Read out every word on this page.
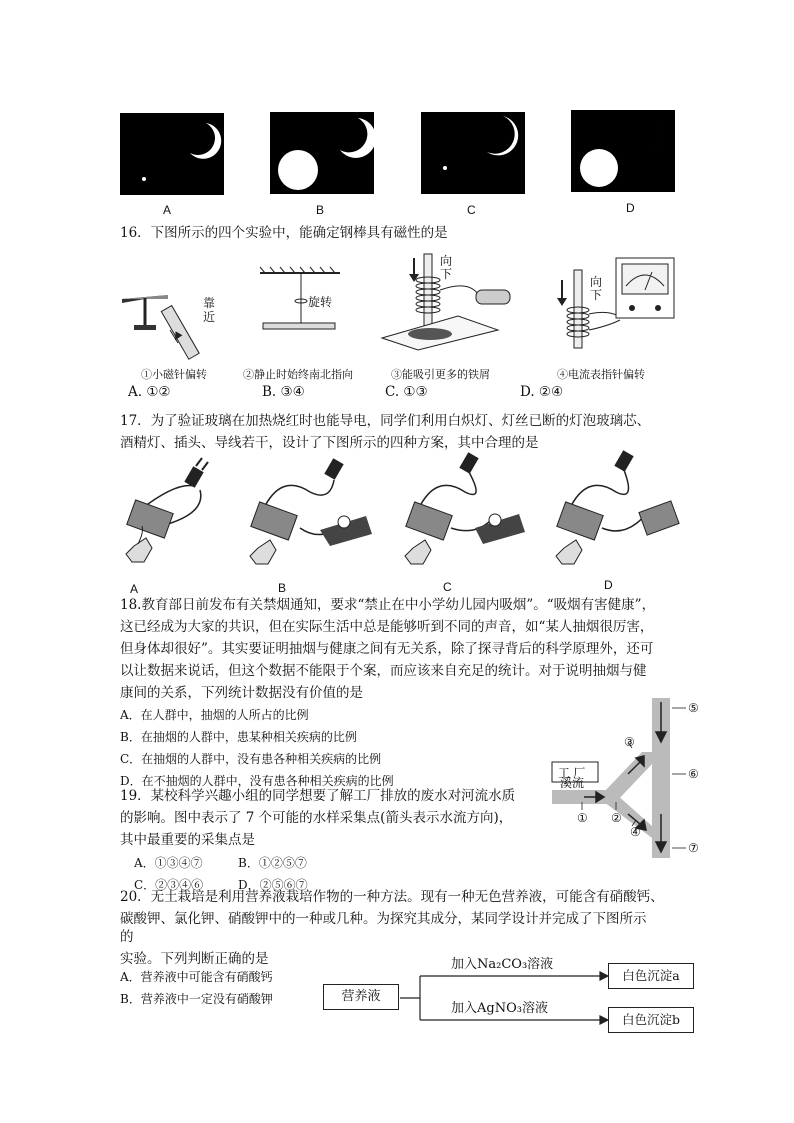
A	B	C	D
16．下图所示的四个实验中，能确定钢棒具有磁性的是
靠近
旋转
向下
向下
①小磁针偏转	②静止时始终南北指向	③能吸引更多的铁屑	④电流表指针偏转
A. ①②	B. ③④	C. ①③	D. ②④
17．为了验证玻璃在加热烧红时也能导电，同学们利用白炽灯、灯丝已断的灯泡玻璃芯、
酒精灯、插头、导线若干，设计了下图所示的四种方案，其中合理的是
A	B	C	D
18.教育部日前发布有关禁烟通知，要求“禁止在中小学幼儿园内吸烟”。“吸烟有害健康”，
这已经成为大家的共识，但在实际生活中总是能够听到不同的声音，如“某人抽烟很厉害，
但身体却很好”。其实要证明抽烟与健康之间有无关系，除了探寻背后的科学原理外，还可
以让数据来说话，但这个数据不能限于个案，而应该来自充足的统计。对于说明抽烟与健
康间的关系，下列统计数据没有价值的是
A．在人群中，抽烟的人所占的比例
B．在抽烟的人群中，患某种相关疾病的比例
C．在抽烟的人群中，没有患各种相关疾病的比例
D．在不抽烟的人群中，没有患各种相关疾病的比例
19．某校科学兴趣小组的同学想要了解工厂排放的废水对河流水质
的影响。图中表示了 7 个可能的水样采集点(箭头表示水流方向)，
其中最重要的采集点是
A．①③④⑦	B．①②⑤⑦
C．②③④⑥	D．②⑤⑥⑦
工 厂
溪流
① ②
③
④
⑤
⑥
⑦
20．无土栽培是利用营养液栽培作物的一种方法。现有一种无色营养液，可能含有硝酸钙、
碳酸钾、氯化钾、硝酸钾中的一种或几种。为探究其成分，某同学设计并完成了下图所示
的
实验。下列判断正确的是
A．营养液中可能含有硝酸钙
B．营养液中一定没有硝酸钾	营养液
加入Na₂CO₃溶液
加入AgNO₃溶液
白色沉淀a
白色沉淀b
